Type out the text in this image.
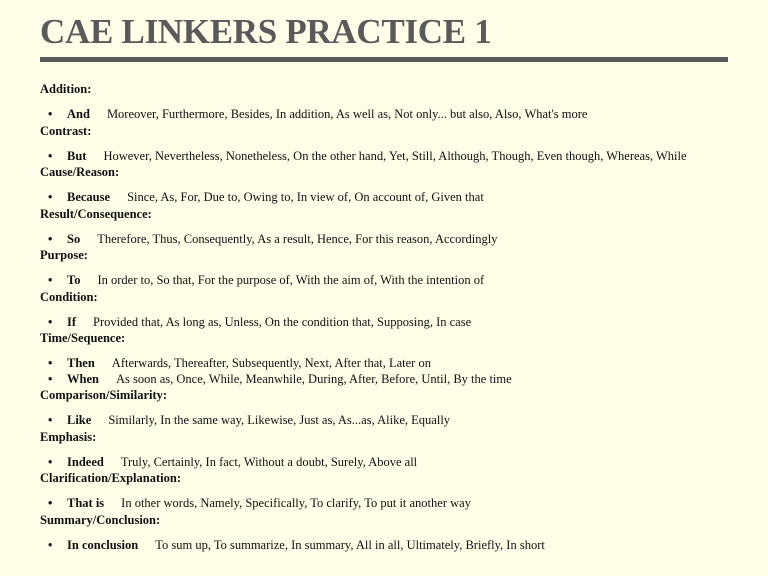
CAE LINKERS PRACTICE 1

Addition:

• And Moreover, Furthermore, Besides, In addition, As well as, Not only... but also, Also, What's more

Contrast:

• But However, Nevertheless, Nonetheless, On the other hand, Yet, Still, Although, Though, Even though, Whereas, While

Cause/Reason:

• Because Since, As, For, Due to, Owing to, In view of, On account of, Given that

Result/Consequence:

• So Therefore, Thus, Consequently, As a result, Hence, For this reason, Accordingly

Purpose:

• To In order to, So that, For the purpose of, With the aim of, With the intention of

Condition:

• If Provided that, As long as, Unless, On the condition that, Supposing, In case

Time/Sequence:

• Then Afterwards, Thereafter, Subsequently, Next, After that, Later on
• When As soon as, Once, While, Meanwhile, During, After, Before, Until, By the time

Comparison/Similarity:

• Like Similarly, In the same way, Likewise, Just as, As...as, Alike, Equally

Emphasis:

• Indeed Truly, Certainly, In fact, Without a doubt, Surely, Above all

Clarification/Explanation:

• That is In other words, Namely, Specifically, To clarify, To put it another way

Summary/Conclusion:

• In conclusion To sum up, To summarize, In summary, All in all, Ultimately, Briefly, In short
